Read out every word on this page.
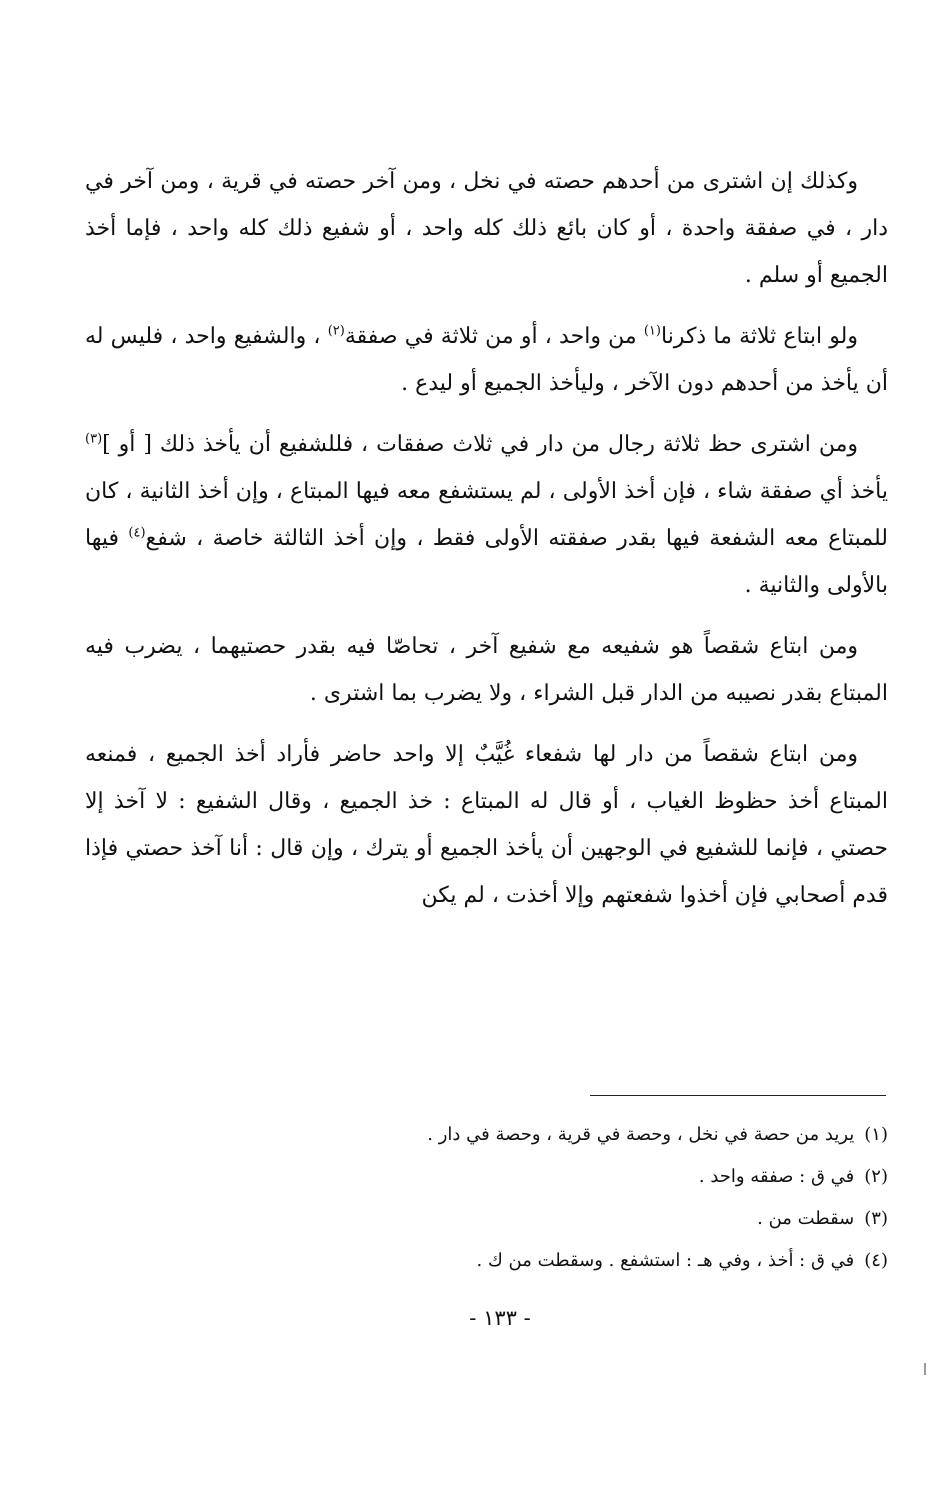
وكذلك إن اشترى من أحدهم حصته في نخل ، ومن آخر حصته في قرية ، ومن آخر في دار ، في صفقة واحدة ، أو كان بائع ذلك كله واحد ، أو شفيع ذلك كله واحد ، فإما أخذ الجميع أو سلم .

ولو ابتاع ثلاثة ما ذكرنا$^{(١)}$ من واحد ، أو من ثلاثة في صفقة$^{(٢)}$ ، والشفيع واحد ، فليس له أن يأخذ من أحدهم دون الآخر ، وليأخذ الجميع أو ليدع .

ومن اشترى حظ ثلاثة رجال من دار في ثلاث صفقات ، فللشفيع أن يأخذ ذلك [ أو ]$^{(٣)}$ يأخذ أي صفقة شاء ، فإن أخذ الأولى ، لم يستشفع معه فيها المبتاع ، وإن أخذ الثانية ، كان للمبتاع معه الشفعة فيها بقدر صفقته الأولى فقط ، وإن أخذ الثالثة خاصة ، شفع$^{(٤)}$ فيها بالأولى والثانية .

ومن ابتاع شقصاً هو شفيعه مع شفيع آخر ، تحاصّا فيه بقدر حصتيهما ، يضرب فيه المبتاع بقدر نصيبه من الدار قبل الشراء ، ولا يضرب بما اشترى .

ومن ابتاع شقصاً من دار لها شفعاء غُيَّبٌ إلا واحد حاضر فأراد أخذ الجميع ، فمنعه المبتاع أخذ حظوظ الغياب ، أو قال له المبتاع : خذ الجميع ، وقال الشفيع : لا آخذ إلا حصتي ، فإنما للشفيع في الوجهين أن يأخذ الجميع أو يترك ، وإن قال : أنا آخذ حصتي فإذا قدم أصحابي فإن أخذوا شفعتهم وإلا أخذت ، لم يكن

(١)يريد من حصة في نخل ، وحصة في قرية ، وحصة في دار .

(٢)في ق : صفقه واحد .

(٣)سقطت من .

(٤)في ق : أخذ ، وفي هـ : استشفع . وسقطت من ك .

- ١٣٣ -
